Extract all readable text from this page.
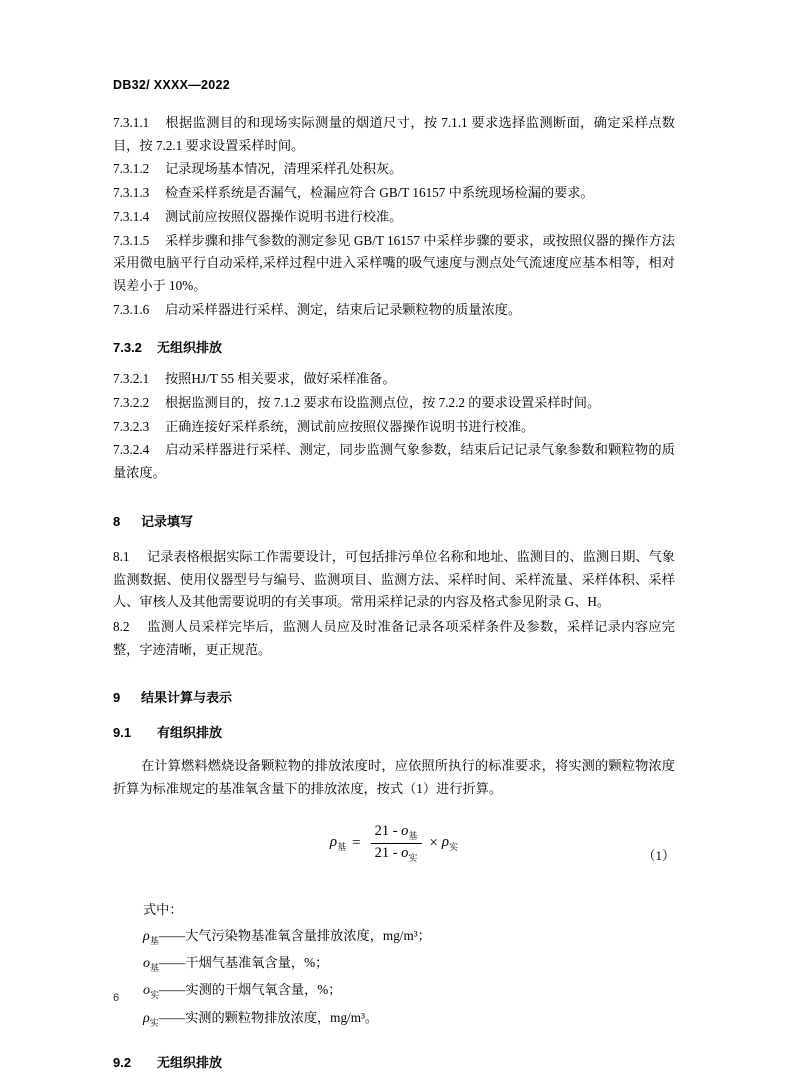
DB32/ XXXX—2022

7.3.1.1 根据监测目的和现场实际测量的烟道尺寸，按 7.1.1 要求选择监测断面，确定采样点数目，按 7.2.1 要求设置采样时间。

7.3.1.2 记录现场基本情况，清理采样孔处积灰。

7.3.1.3 检查采样系统是否漏气，检漏应符合 GB/T 16157 中系统现场检漏的要求。

7.3.1.4 测试前应按照仪器操作说明书进行校准。

7.3.1.5 采样步骤和排气参数的测定参见 GB/T 16157 中采样步骤的要求，或按照仪器的操作方法采用微电脑平行自动采样,采样过程中进入采样嘴的吸气速度与测点处气流速度应基本相等，相对误差小于 10%。

7.3.1.6 启动采样器进行采样、测定，结束后记录颗粒物的质量浓度。

7.3.2 无组织排放

7.3.2.1 按照HJ/T 55 相关要求，做好采样准备。

7.3.2.2 根据监测目的，按 7.1.2 要求布设监测点位，按 7.2.2 的要求设置采样时间。

7.3.2.3 正确连接好采样系统，测试前应按照仪器操作说明书进行校准。

7.3.2.4 启动采样器进行采样、测定，同步监测气象参数，结束后记记录气象参数和颗粒物的质量浓度。

8 记录填写

8.1 记录表格根据实际工作需要设计，可包括排污单位名称和地址、监测目的、监测日期、气象监测数据、使用仪器型号与编号、监测项目、监测方法、采样时间、采样流量、采样体积、采样人、审核人及其他需要说明的有关事项。常用采样记录的内容及格式参见附录 G、H。

8.2 监测人员采样完毕后，监测人员应及时准备记录各项采样条件及参数，采样记录内容应完整，字迹清晰，更正规范。

9 结果计算与表示
9.1 有组织排放

在计算燃料燃烧设备颗粒物的排放浓度时，应依照所执行的标准要求，将实测的颗粒物浓度折算为标准规定的基准氧含量下的排放浓度，按式（1）进行折算。

$\rho_基 = \frac{21 - o_基}{21 - o_实} \times \rho_实$
（1）
式中：
$\rho_基——$大气污染物基准氧含量排放浓度，mg/m³；
$o_基——$干烟气基准氧含量，%；
$o_实——$实测的干烟气氧含量，%；
$\rho_实——$实测的颗粒物排放浓度，mg/m³。
9.2 无组织排放
6
